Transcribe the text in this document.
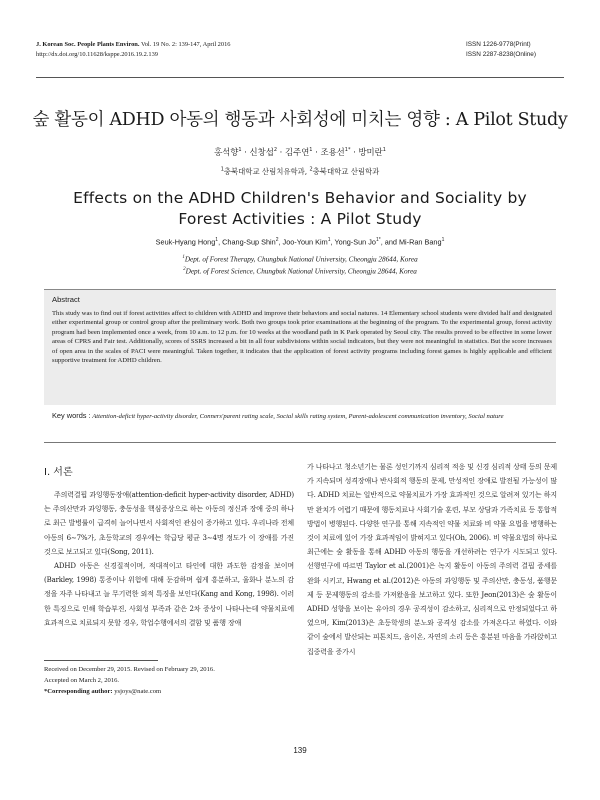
J. Korean Soc. People Plants Environ. Vol. 19 No. 2: 139-147, April 2016
http://dx.doi.org/10.11628/ksppe.2016.19.2.139
ISSN 1226-9778(Print)
ISSN 2287-8238(Online)
숲 활동이 ADHD 아동의 행동과 사회성에 미치는 영향 : A Pilot Study
홍석향$^1$ · 신창섭$^2$ · 김주연$^1$ · 조용선$^{1*}$ · 방미란$^1$
$^1$충북대학교 산림치유학과, $^2$충북대학교 산림학과
Effects on the ADHD Children's Behavior and Sociality by Forest Activities : A Pilot Study
Seuk-Hyang Hong$^1$, Chang-Sup Shin$^2$, Joo-Youn Kim$^1$, Yong-Sun $Jo^{1*}$, and Mi-Ran Bang$^1$
$^1$Dept. of Forest Therapy, Chungbuk National University, Cheongju 28644, Korea
$^2$Dept. of Forest Science, Chungbuk National University, Cheongju 28644, Korea
Abstract
This study was to find out if forest activities affect to children with ADHD and improve their behaviors and social natures. 14 Elementary school students were divided half and designated either experimental group or control group after the preliminary work. Both two groups took prior examinations at the beginning of the program. To the experimental group, forest activity program had been implemented once a week, from 10 a.m. to 12 p.m. for 10 weeks at the woodland path in K Park operated by Seoul city. The results proved to be effective in some lower areas of CPRS and Fair test. Additionally, scores of SSRS increased a bit in all four subdivisions within social indicators, but they were not meaningful in statistics. But the score increases of open area in the scales of PACI were meaningful. Taken together, it indicates that the application of forest activity programs including forest games is highly applicable and efficient supportive treatment for ADHD children.
Key words : Attention-deficit hyper-activity disorder, Conners'parent rating scale, Social skills rating system, Parent-adolescent communication inventory, Social nature
Ⅰ. 서론

주의력결핍 과잉행동장애(attention-deficit hyper-activity disorder, ADHD)는 주의산만과 과잉행동, 충동성을 핵심증상으로 하는 아동의 정신과 장애 중의 하나로 최근 발병률이 급격히 늘어나면서 사회적인 관심이 증가하고 있다. 우리나라 전체아동의 6∼7%가, 초등학교의 경우에는 학급당 평균 3∼4명 정도가 이 장애를 가진 것으로 보고되고 있다(Song, 2011).

ADHD 아동은 신경질적이며, 적대적이고 타인에 대한 과도한 감정을 보이며(Barkley, 1998) 통증이나 위험에 대해 둔감하며 쉽게 흥분하고, 울화나 분노의 감정을 자주 나타내고 늘 무기력한 외적 특징을 보인다(Kang and Kong, 1998). 이러한 특징으로 인해 학습부진, 사회성 부족과 같은 2차 증상이 나타나는데 약물치료에 효과적으로 치료되지 못할 경우, 학업수행에서의 결함 및 품행 장애

가 나타나고 청소년기는 물론 성인기까지 심리적 적응 및 신경 심리적 상태 등의 문제가 지속되며 성격장애나 반사회적 행동의 문제, 만성적인 장애로 발전될 가능성이 많다. ADHD 치료는 일반적으로 약물치료가 가장 효과적인 것으로 알려져 있기는 하지만 완치가 어렵기 때문에 행동치료나 사회기술 훈련, 부모 상담과 가족치료 등 통합적 방법이 병행된다. 다양한 연구를 통해 지속적인 약물 치료와 비 약물 요법을 병행하는 것이 치료에 있어 가장 효과적임이 밝혀지고 있다(Oh, 2006). 비 약물요법의 하나로 최근에는 숲 활동을 통해 ADHD 아동의 행동을 개선하려는 연구가 시도되고 있다. 선행연구에 따르면 Taylor et al.(2001)은 녹지 활동이 아동의 주의력 결핍 증세를 완화 시키고, Hwang et al.(2012)은 아동의 과잉행동 및 주의산만, 충동성, 품행문제 등 문제행동의 감소를 가져왔음을 보고하고 있다. 또한 Jeon(2013)은 숲 활동이 ADHD 성향을 보이는 유아의 경우 공격성이 감소하고, 심리적으로 안정되었다고 하였으며, Kim(2013)은 초등학생의 분노와 공격성 감소를 가져온다고 하였다. 이와 같이 숲에서 발산되는 피톤치드, 음이온, 자연의 소리 등은 흥분된 마음을 가라앉히고 집중력을 증가시

Received on December 29, 2015. Revised on February 29, 2016.
Accepted on March 2, 2016.
*Corresponding author: ysjoys@nate.com
139
